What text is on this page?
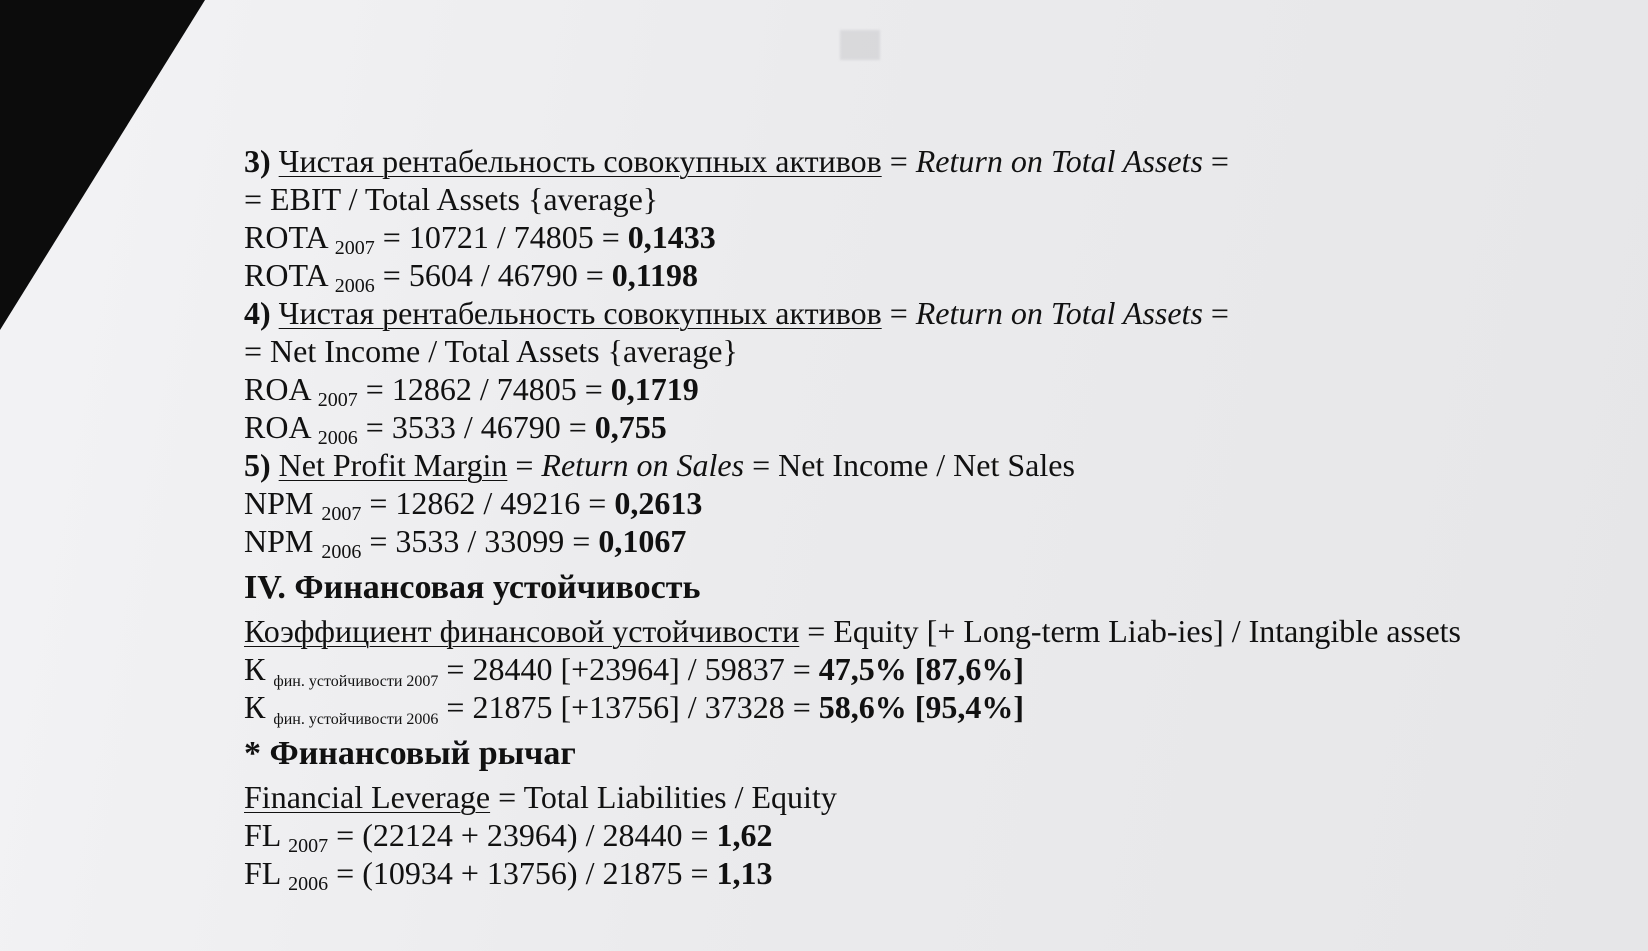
3) Чистая рентабельность совокупных активов = Return on Total Assets =
= EBIT / Total Assets {average}
ROTA $_{2007}$ = 10721 / 74805 = 0,1433
ROTA $_{2006}$ = 5604 / 46790 = 0,1198
4) Чистая рентабельность совокупных активов = Return on Total Assets =
= Net Income / Total Assets {average}
ROA $_{2007}$ = 12862 / 74805 = 0,1719
ROA $_{2006}$ = 3533 / 46790 = 0,755
5) Net Profit Margin = Return on Sales = Net Income / Net Sales
NPM $_{2007}$ = 12862 / 49216 = 0,2613
NPM $_{2006}$ = 3533 / 33099 = 0,1067
IV. Финансовая устойчивость
Коэффициент финансовой устойчивости = Equity [+ Long-term Liab-ies] / Intangible assets
К $_{фин. устойчивости 2007}$ = 28440 [+23964] / 59837 = 47,5% [87,6%]
К $_{фин. устойчивости 2006}$ = 21875 [+13756] / 37328 = 58,6% [95,4%]
* Финансовый рычаг
Financial Leverage = Total Liabilities / Equity
FL $_{2007}$ = (22124 + 23964) / 28440 = 1,62
FL $_{2006}$ = (10934 + 13756) / 21875 = 1,13
